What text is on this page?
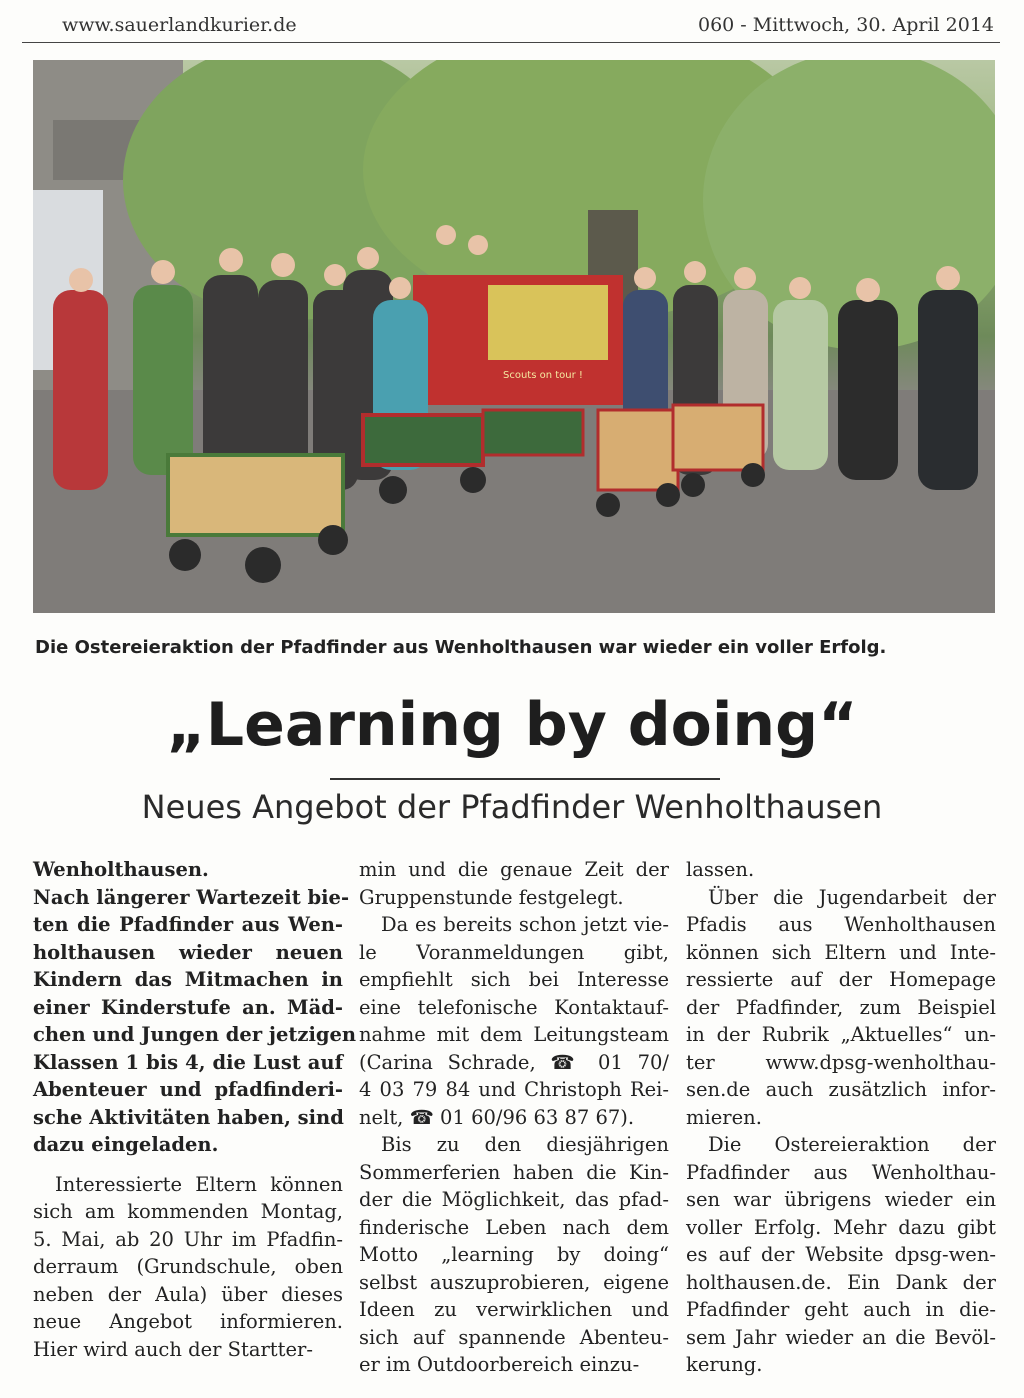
www.sauerlandkurier.de	060 - Mittwoch, 30. April 2014
Scouts on tour !
Die Ostereieraktion der Pfadfinder aus Wenholthausen war wieder ein voller Erfolg.
„Learning by doing“
Neues Angebot der Pfadfinder Wenholthausen
Wenholthausen.
Nach längerer Wartezeit bie-
ten die Pfadfinder aus Wen-
holthausen wieder neuen
Kindern das Mitmachen in
einer Kinderstufe an. Mäd-
chen und Jungen der jetzigen
Klassen 1 bis 4, die Lust auf
Abenteuer und pfadfinderi-
sche Aktivitäten haben, sind
dazu eingeladen.
Interessierte Eltern können
sich am kommenden Montag,
5. Mai, ab 20 Uhr im Pfadfin-
derraum (Grundschule, oben
neben der Aula) über dieses
neue Angebot informieren.
Hier wird auch der Startter-
min und die genaue Zeit der
Gruppenstunde festgelegt.
Da es bereits schon jetzt vie-
le Voranmeldungen gibt,
empfiehlt sich bei Interesse
eine telefonische Kontaktauf-
nahme mit dem Leitungsteam
(Carina Schrade, ☎ 01 70/
4 03 79 84 und Christoph Rei-
nelt, ☎ 01 60/96 63 87 67).
Bis zu den diesjährigen
Sommerferien haben die Kin-
der die Möglichkeit, das pfad-
finderische Leben nach dem
Motto „learning by doing“
selbst auszuprobieren, eigene
Ideen zu verwirklichen und
sich auf spannende Abenteu-
er im Outdoorbereich einzu-
lassen.
Über die Jugendarbeit der
Pfadis aus Wenholthausen
können sich Eltern und Inte-
ressierte auf der Homepage
der Pfadfinder, zum Beispiel
in der Rubrik „Aktuelles“ un-
ter www.dpsg-wenholthau-
sen.de auch zusätzlich infor-
mieren.
Die Ostereieraktion der
Pfadfinder aus Wenholthau-
sen war übrigens wieder ein
voller Erfolg. Mehr dazu gibt
es auf der Website dpsg-wen-
holthausen.de. Ein Dank der
Pfadfinder geht auch in die-
sem Jahr wieder an die Bevöl-
kerung.
